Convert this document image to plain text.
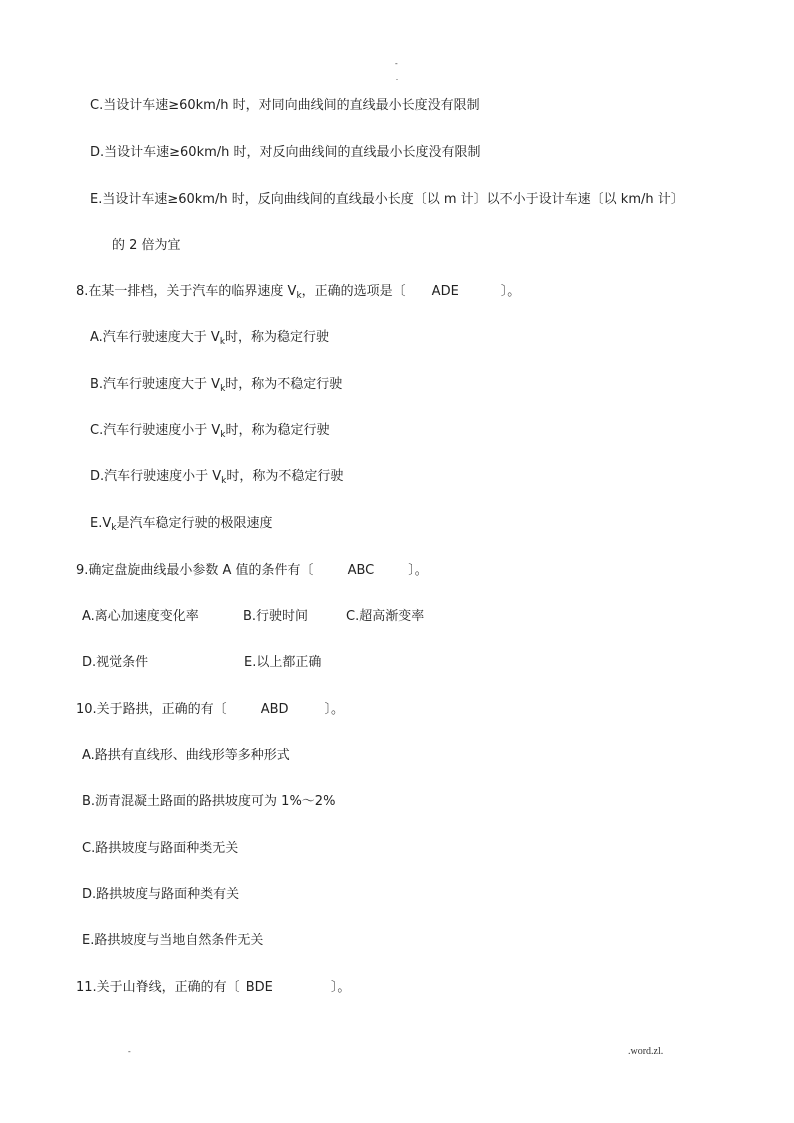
-
.
C.当设计车速≥60km/h 时，对同向曲线间的直线最小长度没有限制
D.当设计车速≥60km/h 时，对反向曲线间的直线最小长度没有限制
E.当设计车速≥60km/h 时，反向曲线间的直线最小长度〔以 m 计〕以不小于设计车速〔以 km/h 计〕
的 2 倍为宜
8.在某一排档，关于汽车的临界速度 $V_k$，正确的选项是〔 ADE	〕。
A.汽车行驶速度大于 $V_k$时，称为稳定行驶
B.汽车行驶速度大于 $V_k$时，称为不稳定行驶
C.汽车行驶速度小于 $V_k$时，称为稳定行驶
D.汽车行驶速度小于 $V_k$时，称为不稳定行驶
$E.V_k$是汽车稳定行驶的极限速度
9.确定盘旋曲线最小参数 A 值的条件有〔	ABC	〕。
A.离心加速度变化率	B.行驶时间	C.超高渐变率
D.视觉条件	E.以上都正确
10.关于路拱，正确的有〔	ABD	〕。
A.路拱有直线形、曲线形等多种形式
B.沥青混凝土路面的路拱坡度可为 1%～2%
C.路拱坡度与路面种类无关
D.路拱坡度与路面种类有关
E.路拱坡度与当地自然条件无关
11.关于山脊线，正确的有〔 BDE	〕。
-	.word.zl.
